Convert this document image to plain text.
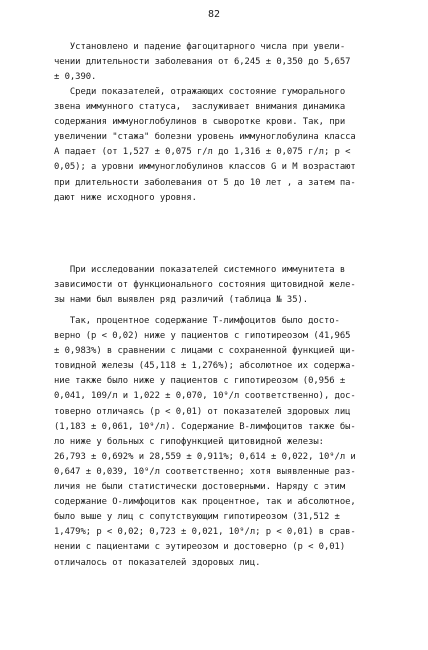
82
Установлено и падение фагоцитарного числа при увели-
чении длительности заболевания от 6,245 ± 0,350 до 5,657
± 0,390.
Среди показателей, отражающих состояние гуморального
звена иммунного статуса,  заслуживает внимания динамика
содержания иммуноглобулинов в сыворотке крови. Так, при
увеличении "стажа" болезни уровень иммуноглобулина класса
А падает (от 1,527 ± 0,075 г/л до 1,316 ± 0,075 г/л; p <
0,05); а уровни иммуноглобулинов классов G и М возрастают
при длительности заболевания от 5 до 10 лет , а затем па-
дают ниже исходного уровня.
При исследовании показателей системного иммунитета в
зависимости от функционального состояния щитовидной желе-
зы нами был выявлен ряд различий (таблица № 35).
Так, процентное содержание Т-лимфоцитов было досто-
верно (p < 0,02) ниже у пациентов с гипотиреозом (41,965
± 0,983%) в сравнении с лицами с сохраненной функцией щи-
товидной железы (45,118 ± 1,276%); абсолютное их содержа-
ние также было ниже у пациентов с гипотиреозом (0,956 ±
0,041, 109/л и 1,022 ± 0,070, 10⁹/л соответственно), дос-
товерно отличаясь (p < 0,01) от показателей здоровых лиц
(1,183 ± 0,061, 10⁹/л). Содержание В-лимфоцитов также бы-
ло ниже у больных с гипофункцией щитовидной железы:
26,793 ± 0,692% и 28,559 ± 0,911%; 0,614 ± 0,022, 10⁹/л и
0,647 ± 0,039, 10⁹/л соответственно; хотя выявленные раз-
личия не были статистически достоверными. Наряду с этим
содержание О-лимфоцитов как процентное, так и абсолютное,
было выше у лиц с сопутствующим гипотиреозом (31,512 ±
1,479%; p < 0,02; 0,723 ± 0,021, 10⁹/л; p < 0,01) в срав-
нении с пациентами с эутиреозом и достоверно (p < 0,01)
отличалось от показателей здоровых лиц.
